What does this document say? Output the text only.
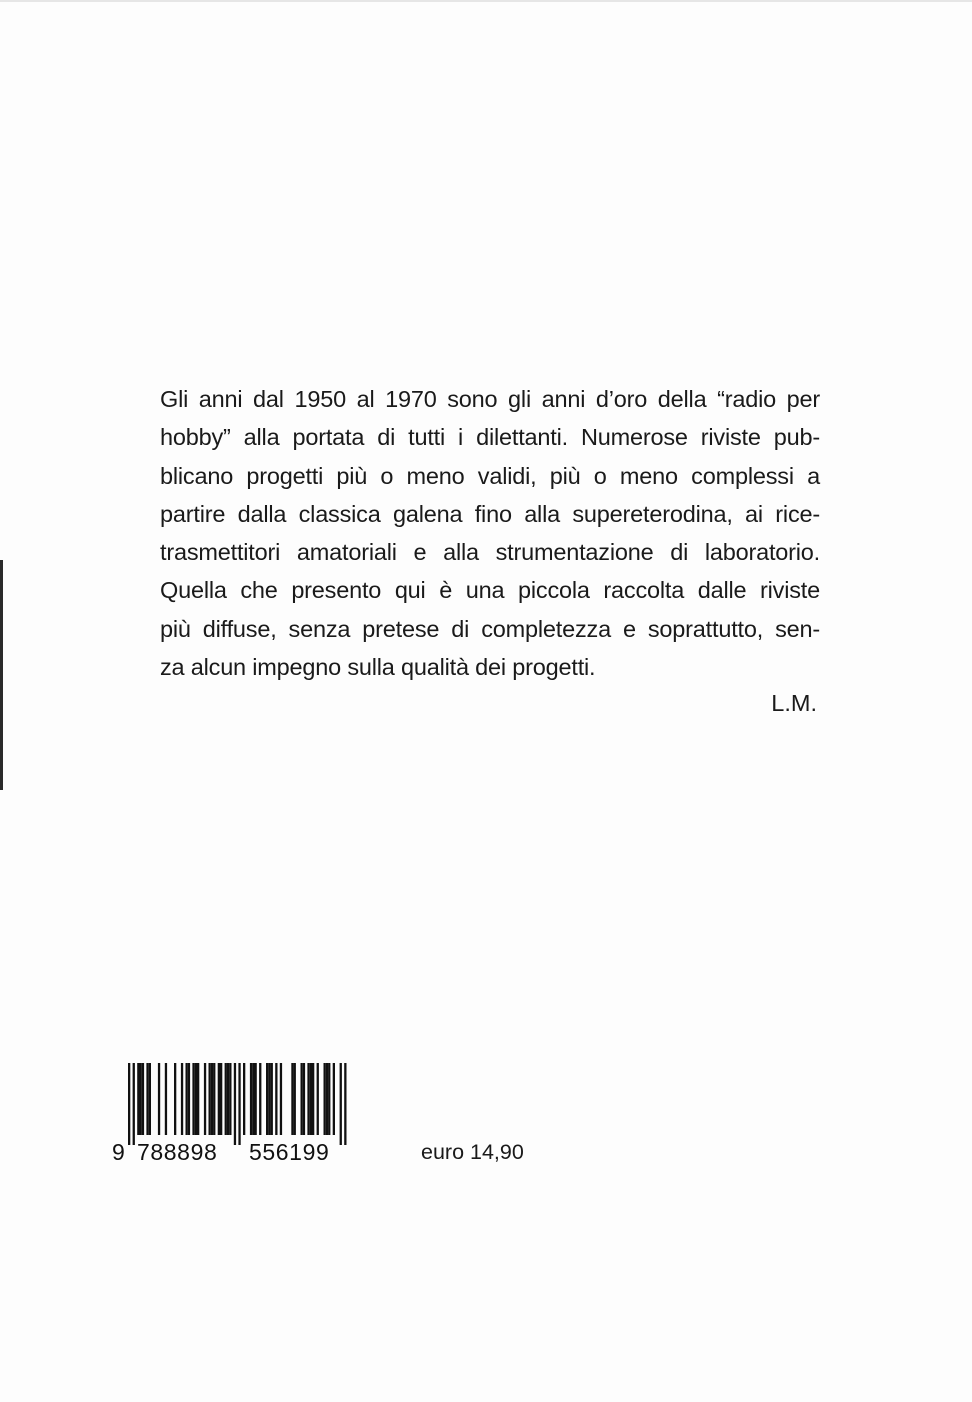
Gli anni dal 1950 al 1970 sono gli anni d’oro della “radio per
hobby” alla portata di tutti i dilettanti. Numerose riviste pub-
blicano progetti più o meno validi, più o meno complessi a
partire dalla classica galena fino alla supereterodina, ai rice-
trasmettitori amatoriali e alla strumentazione di laboratorio.
Quella che presento qui è una piccola raccolta dalle riviste
più diffuse, senza pretese di completezza e soprattutto, sen-
za alcun impegno sulla qualità dei progetti.
L.M.
9 788898 556199	euro 14,90
